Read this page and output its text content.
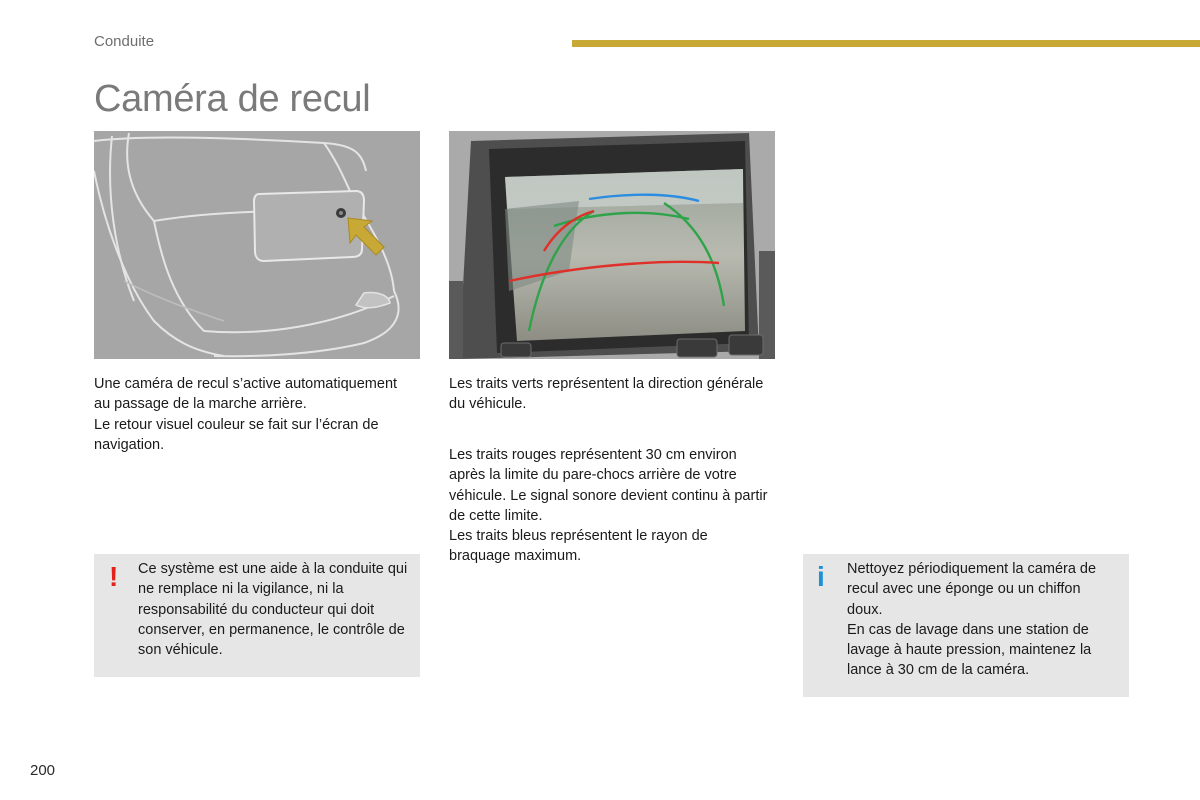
Conduite
Caméra de recul

Une caméra de recul s’active automatiquement au passage de la marche arrière.

Le retour visuel couleur se fait sur l’écran de navigation.

Les traits verts représentent la direction générale du véhicule.

Les traits rouges représentent 30 cm environ après la limite du pare-chocs arrière de votre véhicule. Le signal sonore devient continu à partir de cette limite.

Les traits bleus représentent le rayon de braquage maximum.

! Ce système est une aide à la conduite qui ne remplace ni la vigilance, ni la responsabilité du conducteur qui doit conserver, en permanence, le contrôle de son véhicule.

i Nettoyez périodiquement la caméra de recul avec une éponge ou un chiffon doux.

En cas de lavage dans une station de lavage à haute pression, maintenez la lance à 30 cm de la caméra.

200
